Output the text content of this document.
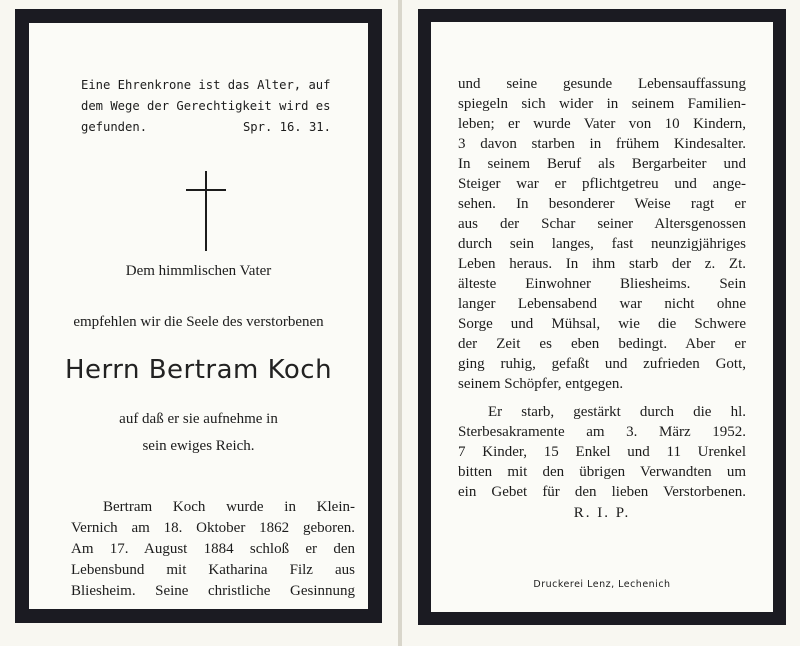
Eine Ehrenkrone ist das Alter, auf
dem Wege der Gerechtigkeit wird es
gefunden.	Spr. 16. 31.
Dem himmlischen Vater
empfehlen wir die Seele des verstorbenen
Herrn Bertram Koch
auf daß er sie aufnehme in
sein ewiges Reich.
Bertram Koch wurde in Klein-
Vernich am 18. Oktober 1862 geboren.
Am 17. August 1884 schloß er den
Lebensbund mit Katharina Filz aus
Bliesheim. Seine christliche Gesinnung
und seine gesunde Lebensauffassung
spiegeln sich wider in seinem Familien-
leben; er wurde Vater von 10 Kindern,
3 davon starben in frühem Kindesalter.
In seinem Beruf als Bergarbeiter und
Steiger war er pflichtgetreu und ange-
sehen. In besonderer Weise ragt er
aus der Schar seiner Altersgenossen
durch sein langes, fast neunzigjähriges
Leben heraus. In ihm starb der z. Zt.
älteste Einwohner Bliesheims. Sein
langer Lebensabend war nicht ohne
Sorge und Mühsal, wie die Schwere
der Zeit es eben bedingt. Aber er
ging ruhig, gefaßt und zufrieden Gott,
seinem Schöpfer, entgegen.
Er starb, gestärkt durch die hl.
Sterbesakramente am 3. März 1952.
7 Kinder, 15 Enkel und 11 Urenkel
bitten mit den übrigen Verwandten um
ein Gebet für den lieben Verstorbenen.
R. I. P.
Druckerei Lenz, Lechenich
